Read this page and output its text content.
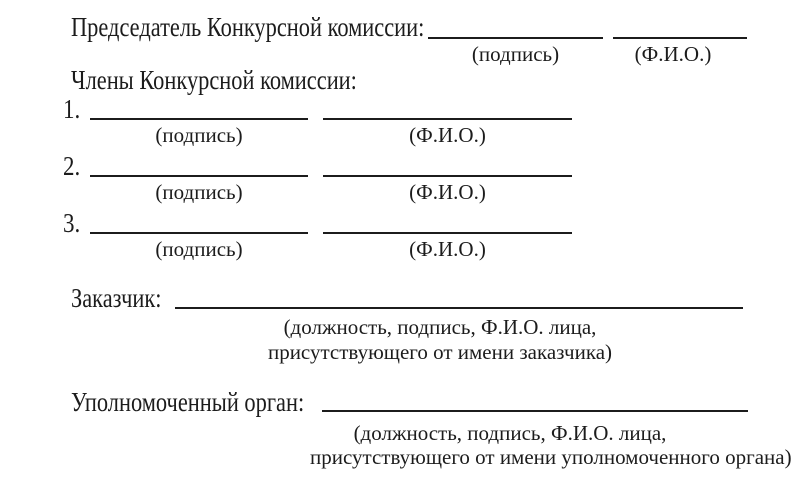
Председатель Конкурсной комиссии:
(подпись)	(Ф.И.О.)
Члены Конкурсной комиссии:
1.
(подпись)	(Ф.И.О.)
2.
(подпись)	(Ф.И.О.)
3.
(подпись)	(Ф.И.О.)
Заказчик:
(должность, подпись, Ф.И.О. лица,
присутствующего от имени заказчика)
Уполномоченный орган:
(должность, подпись, Ф.И.О. лица,
присутствующего от имени уполномоченного органа)
